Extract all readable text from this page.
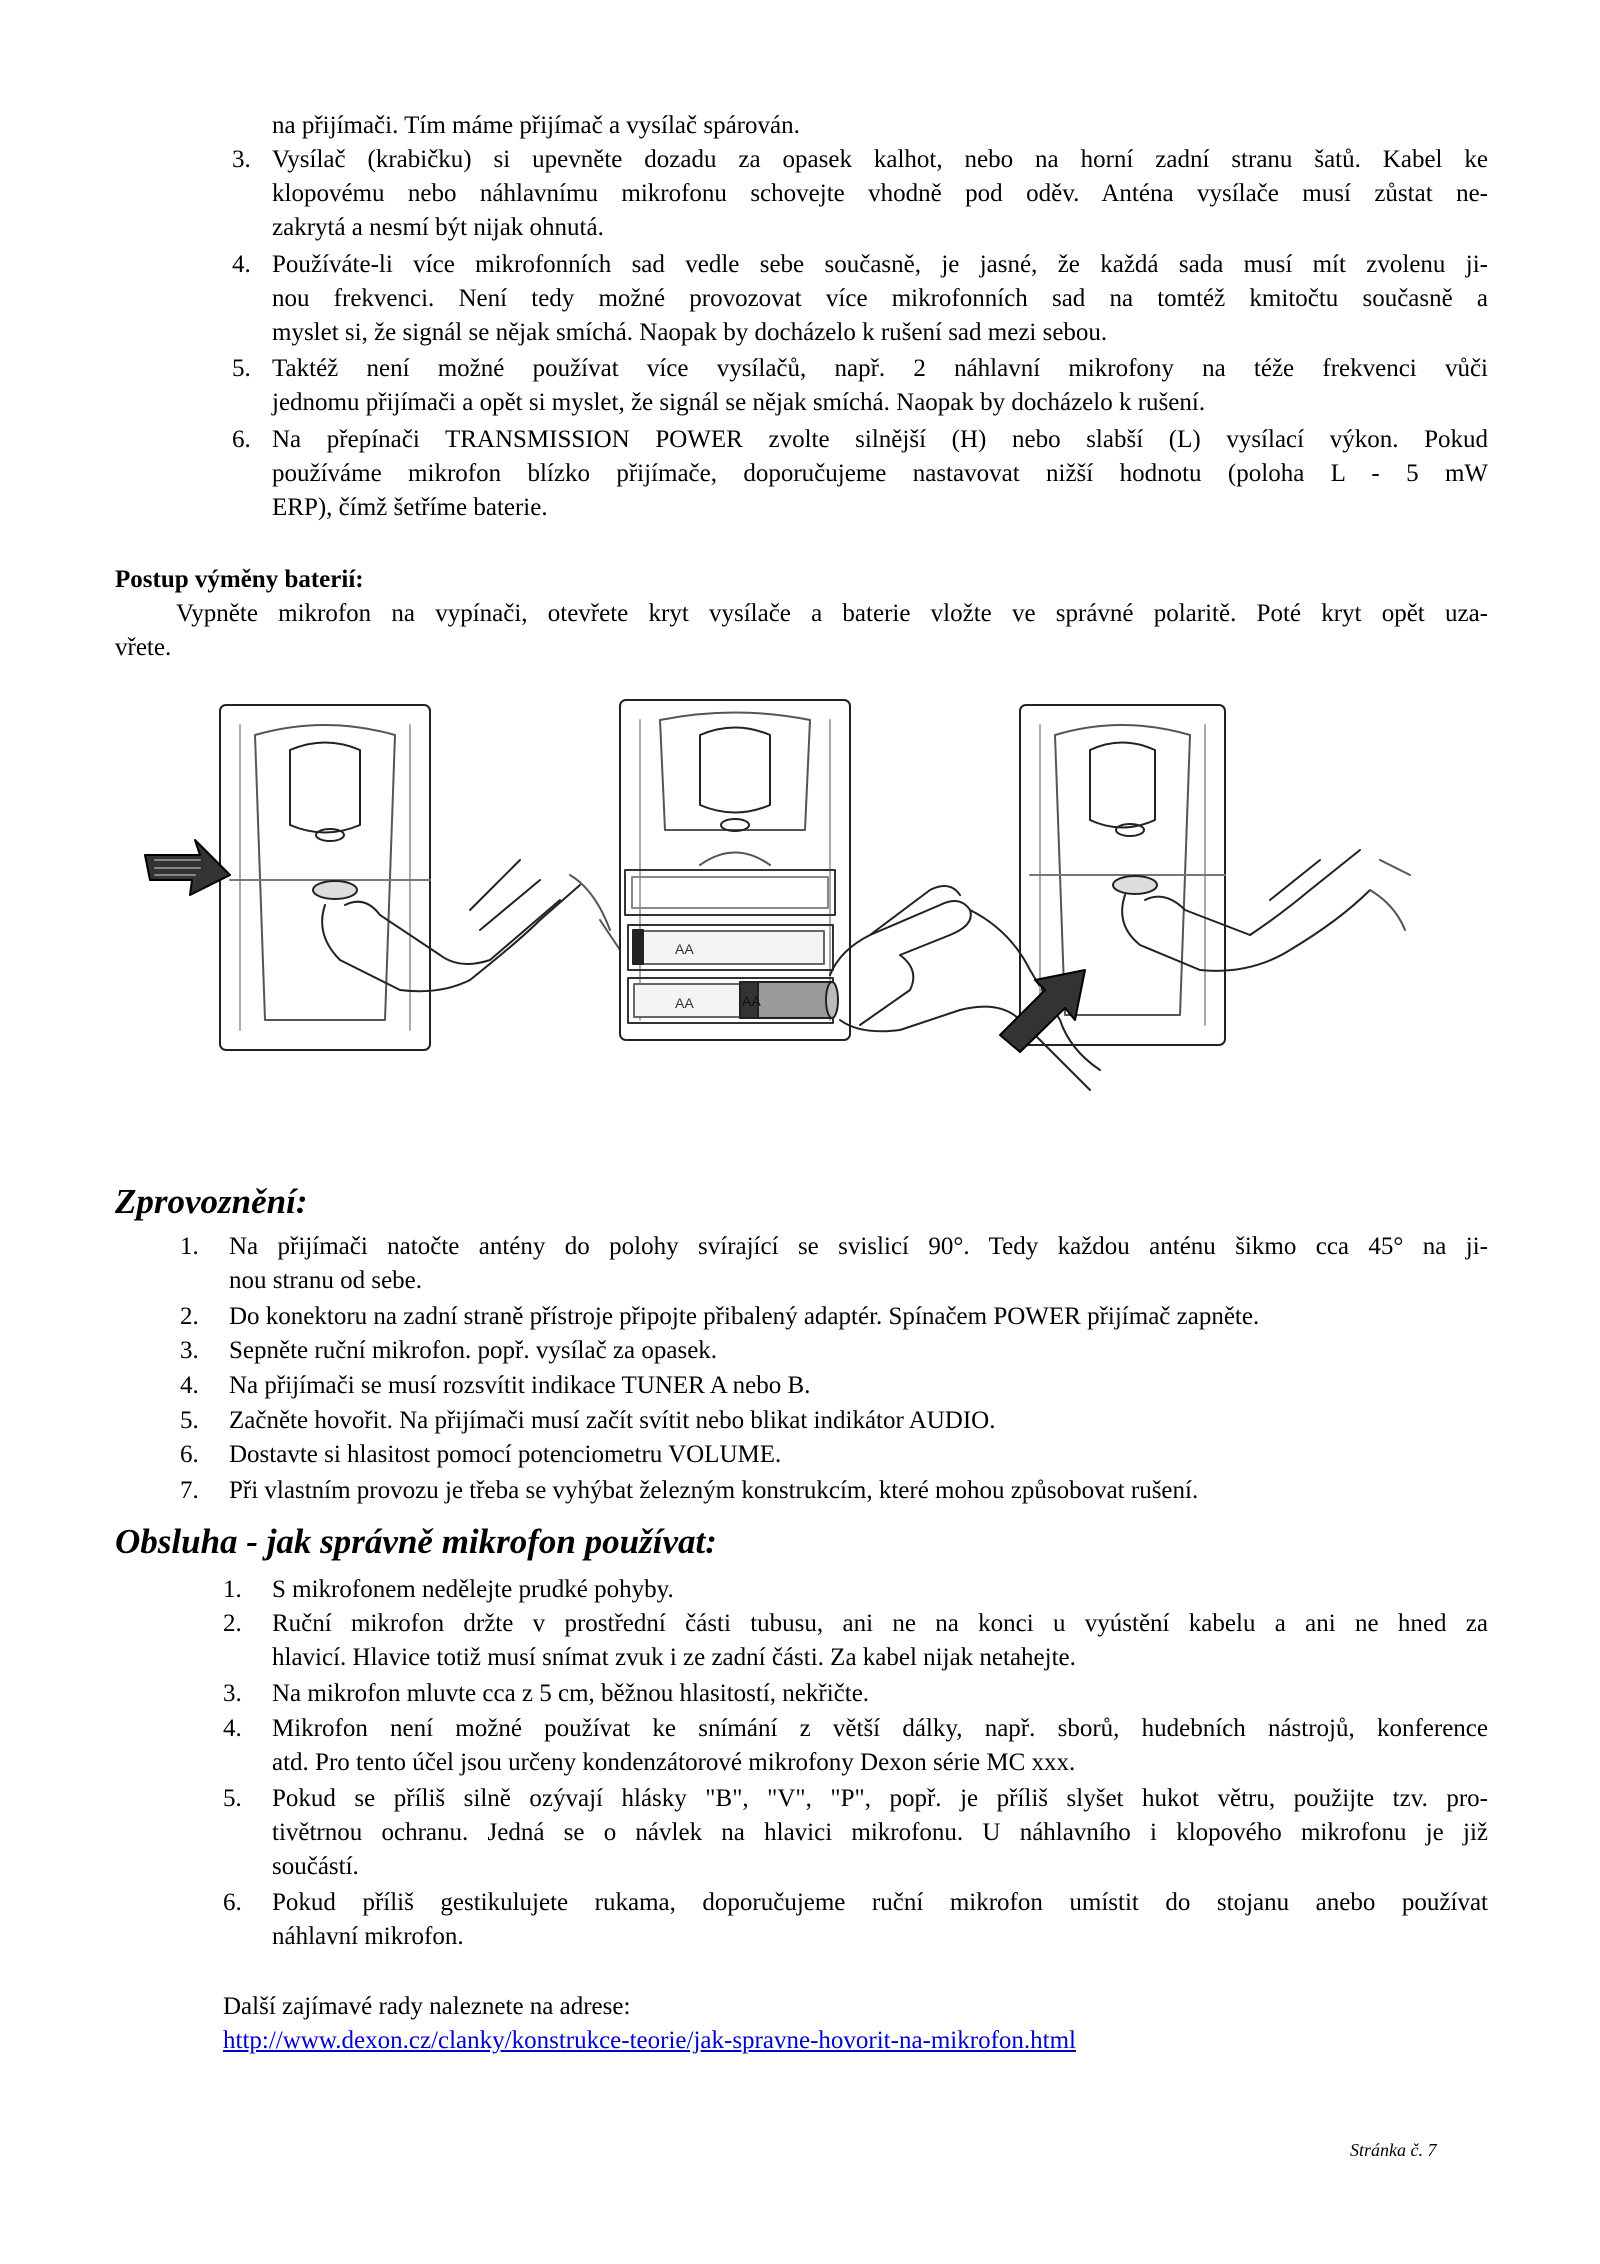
na přijímači. Tím máme přijímač a vysílač spárován.
3. Vysílač (krabičku) si upevněte dozadu za opasek kalhot, nebo na horní zadní stranu šatů. Kabel ke
klopovému nebo náhlavnímu mikrofonu schovejte vhodně pod oděv. Anténa vysílače musí zůstat ne-
zakrytá a nesmí být nijak ohnutá.
4. Používáte-li více mikrofonních sad vedle sebe současně, je jasné, že každá sada musí mít zvolenu ji-
nou frekvenci. Není tedy možné provozovat více mikrofonních sad na tomtéž kmitočtu současně a
myslet si, že signál se nějak smíchá. Naopak by docházelo k rušení sad mezi sebou.
5. Taktéž není možné používat více vysílačů, např. 2 náhlavní mikrofony na téže frekvenci vůči
jednomu přijímači a opět si myslet, že signál se nějak smíchá. Naopak by docházelo k rušení.
6. Na přepínači TRANSMISSION POWER zvolte silnější (H) nebo slabší (L) vysílací výkon. Pokud
používáme mikrofon blízko přijímače, doporučujeme nastavovat nižší hodnotu (poloha L - 5 mW
ERP), čímž šetříme baterie.
Postup výměny baterií:
Vypněte mikrofon na vypínači, otevřete kryt vysílače a baterie vložte ve správné polaritě. Poté kryt opět uza-
vřete.
AA
AA	AA
Zprovoznění:
1. Na přijímači natočte antény do polohy svírající se svislicí 90°. Tedy každou anténu šikmo cca 45° na ji-
nou stranu od sebe.
2. Do konektoru na zadní straně přístroje připojte přibalený adaptér. Spínačem POWER přijímač zapněte.
3. Sepněte ruční mikrofon. popř. vysílač za opasek.
4. Na přijímači se musí rozsvítit indikace TUNER A nebo B.
5. Začněte hovořit. Na přijímači musí začít svítit nebo blikat indikátor AUDIO.
6. Dostavte si hlasitost pomocí potenciometru VOLUME.
7. Při vlastním provozu je třeba se vyhýbat železným konstrukcím, které mohou způsobovat rušení.
Obsluha - jak správně mikrofon používat:
1. S mikrofonem nedělejte prudké pohyby.
2. Ruční mikrofon držte v prostřední části tubusu, ani ne na konci u vyústění kabelu a ani ne hned za
hlavicí. Hlavice totiž musí snímat zvuk i ze zadní části. Za kabel nijak netahejte.
3. Na mikrofon mluvte cca z 5 cm, běžnou hlasitostí, nekřičte.
4. Mikrofon není možné používat ke snímání z větší dálky, např. sborů, hudebních nástrojů, konference
atd. Pro tento účel jsou určeny kondenzátorové mikrofony Dexon série MC xxx.
5. Pokud se příliš silně ozývají hlásky "B", "V", "P", popř. je příliš slyšet hukot větru, použijte tzv. pro-
tivětrnou ochranu. Jedná se o návlek na hlavici mikrofonu. U náhlavního i klopového mikrofonu je již
součástí.
6. Pokud příliš gestikulujete rukama, doporučujeme ruční mikrofon umístit do stojanu anebo používat
náhlavní mikrofon.
Další zajímavé rady naleznete na adrese:
http://www.dexon.cz/clanky/konstrukce-teorie/jak-spravne-hovorit-na-mikrofon.html
Stránka č. 7
